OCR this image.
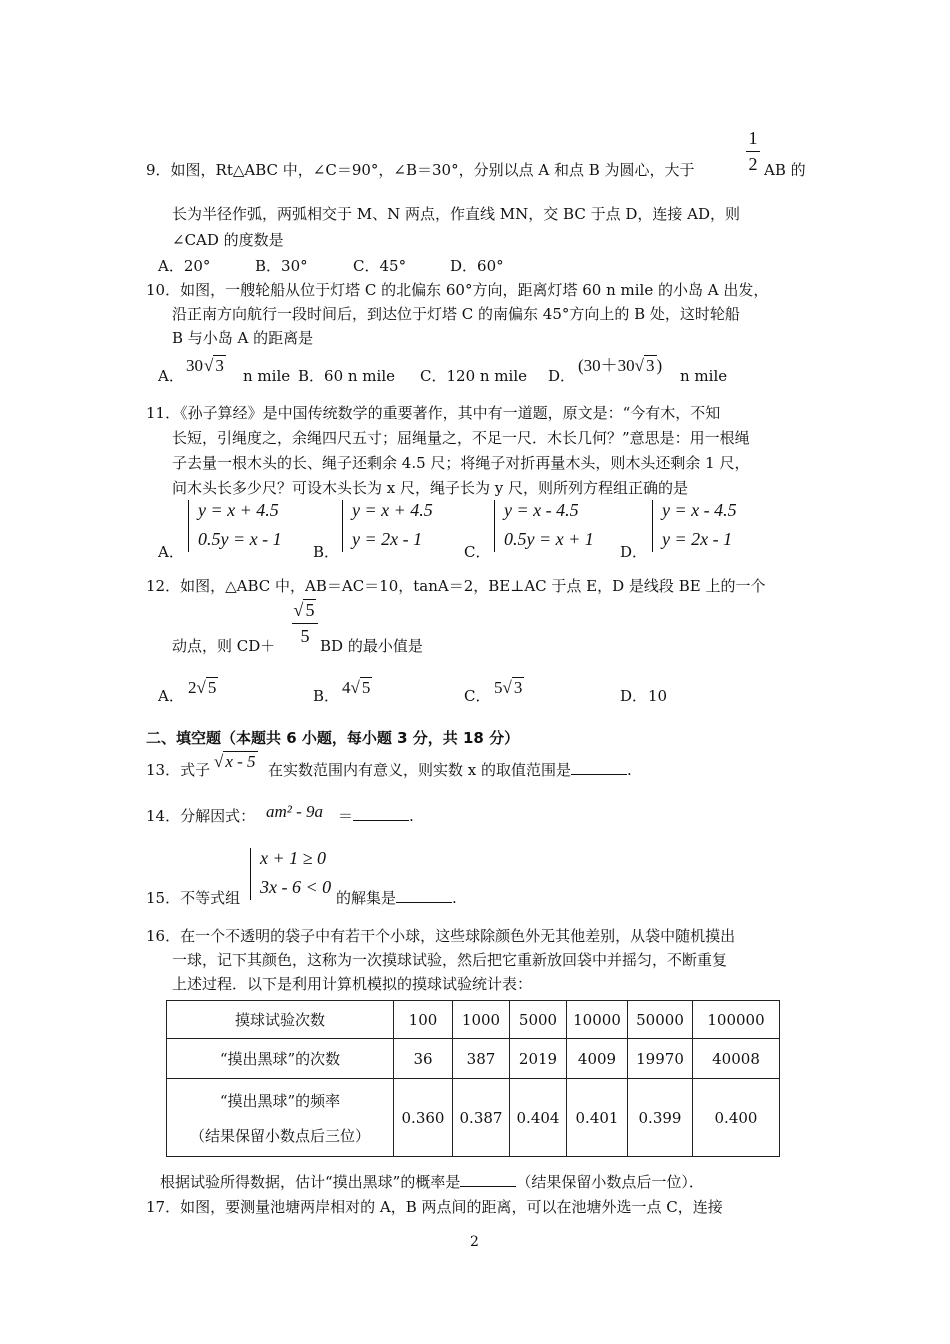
1
2
9．如图，Rt△ABC 中，∠C＝90°，∠B＝30°，分别以点 A 和点 B 为圆心，大于	AB 的
长为半径作弧，两弧相交于 M、N 两点，作直线 MN，交 BC 于点 D，连接 AD，则
∠CAD 的度数是
A．20°	B．30°	C．45°	D．60°
10．如图，一艘轮船从位于灯塔 C 的北偏东 60°方向，距离灯塔 60 n mile 的小岛 A 出发，
沿正南方向航行一段时间后，到达位于灯塔 C 的南偏东 45°方向上的 B 处，这时轮船
B 与小岛 A 的距离是
A．
30 √ 3
n mile B．60 n mile C．120 n mile D．
(30＋30√ 3 )
n mile
11．《孙子算经》是中国传统数学的重要著作，其中有一道题，原文是：“今有木，不知
长短，引绳度之，余绳四尺五寸；屈绳量之，不足一尺．木长几何？”意思是：用一根绳
子去量一根木头的长、绳子还剩余 4.5 尺；将绳子对折再量木头，则木头还剩余 1 尺，
问木头长多少尺？可设木头长为 x 尺，绳子长为 y 尺，则所列方程组正确的是
A．
y = x + 4.5
0.5y = x - 1
B．
y = x + 4.5
y = 2x - 1
C．
y = x - 4.5
0.5y = x + 1
D．
y = x - 4.5
y = 2x - 1
12．如图，△ABC 中，AB＝AC＝10，tanA＝2，BE⊥AC 于点 E，D 是线段 BE 上的一个
√ 5
5
动点，则 CD＋	BD 的最小值是
A． 2√ 5	B． 4√ 5	C． 5√ 3	D． 10
二、填空题（本题共 6 小题，每小题 3 分，共 18 分）
13．式子 √ x - 5 在实数范围内有意义，则实数 x 的取值范围是	.
14．分解因式： am² - 9a ＝	.
x + 1 ≥ 0
3x - 6 < 0
15．不等式组	的解集是	.
16．在一个不透明的袋子中有若干个小球，这些球除颜色外无其他差别，从袋中随机摸出
一球，记下其颜色，这称为一次摸球试验，然后把它重新放回袋中并摇匀，不断重复
上述过程．以下是利用计算机模拟的摸球试验统计表：
摸球试验次数	100	1000	5000	10000	50000	100000
“摸出黑球”的次数	36	387	2019	4009	19970	40008

“摸出黑球”的频率
（结果保留小数点后三位）	0.360	0.387	0.404	0.401	0.399	0.400
根据试验所得数据，估计“摸出黑球”的概率是	（结果保留小数点后一位）．
17．如图，要测量池塘两岸相对的 A，B 两点间的距离，可以在池塘外选一点 C，连接
2
